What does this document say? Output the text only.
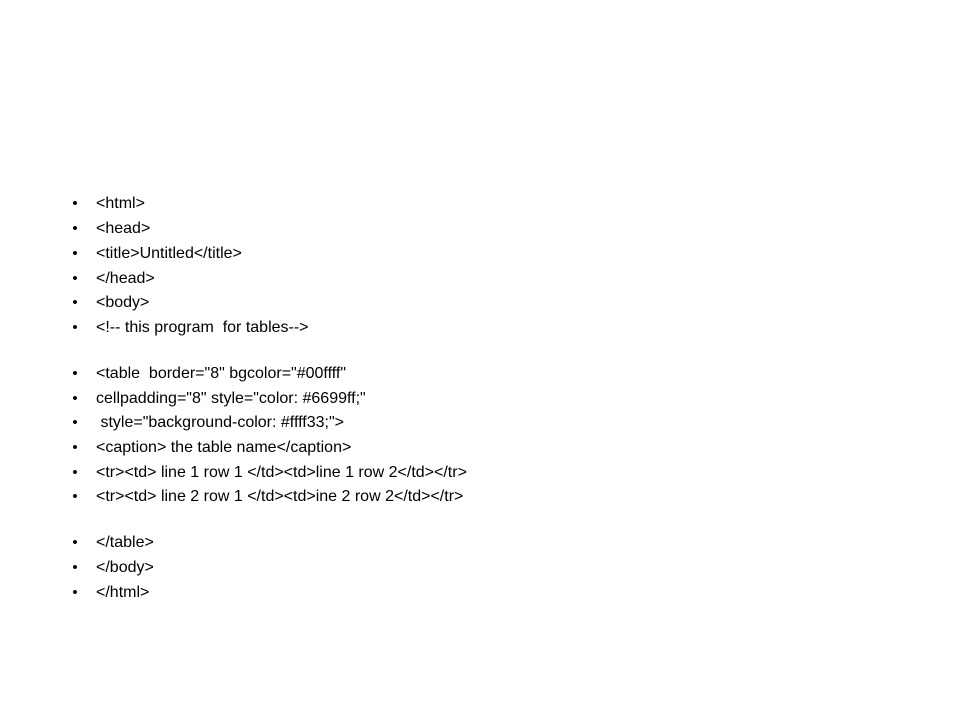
• <html>
• <head>
• <title>Untitled</title>
• </head>
• <body>
• <!-- this program  for tables-->
• <table  border="8" bgcolor="#00ffff"
• cellpadding="8" style="color: #6699ff;"
• style="background-color: #ffff33;">
• <caption> the table name</caption>
• <tr><td> line 1 row 1 </td><td>line 1 row 2</td></tr>
• <tr><td> line 2 row 1 </td><td>ine 2 row 2</td></tr>
• </table>
• </body>
• </html>
